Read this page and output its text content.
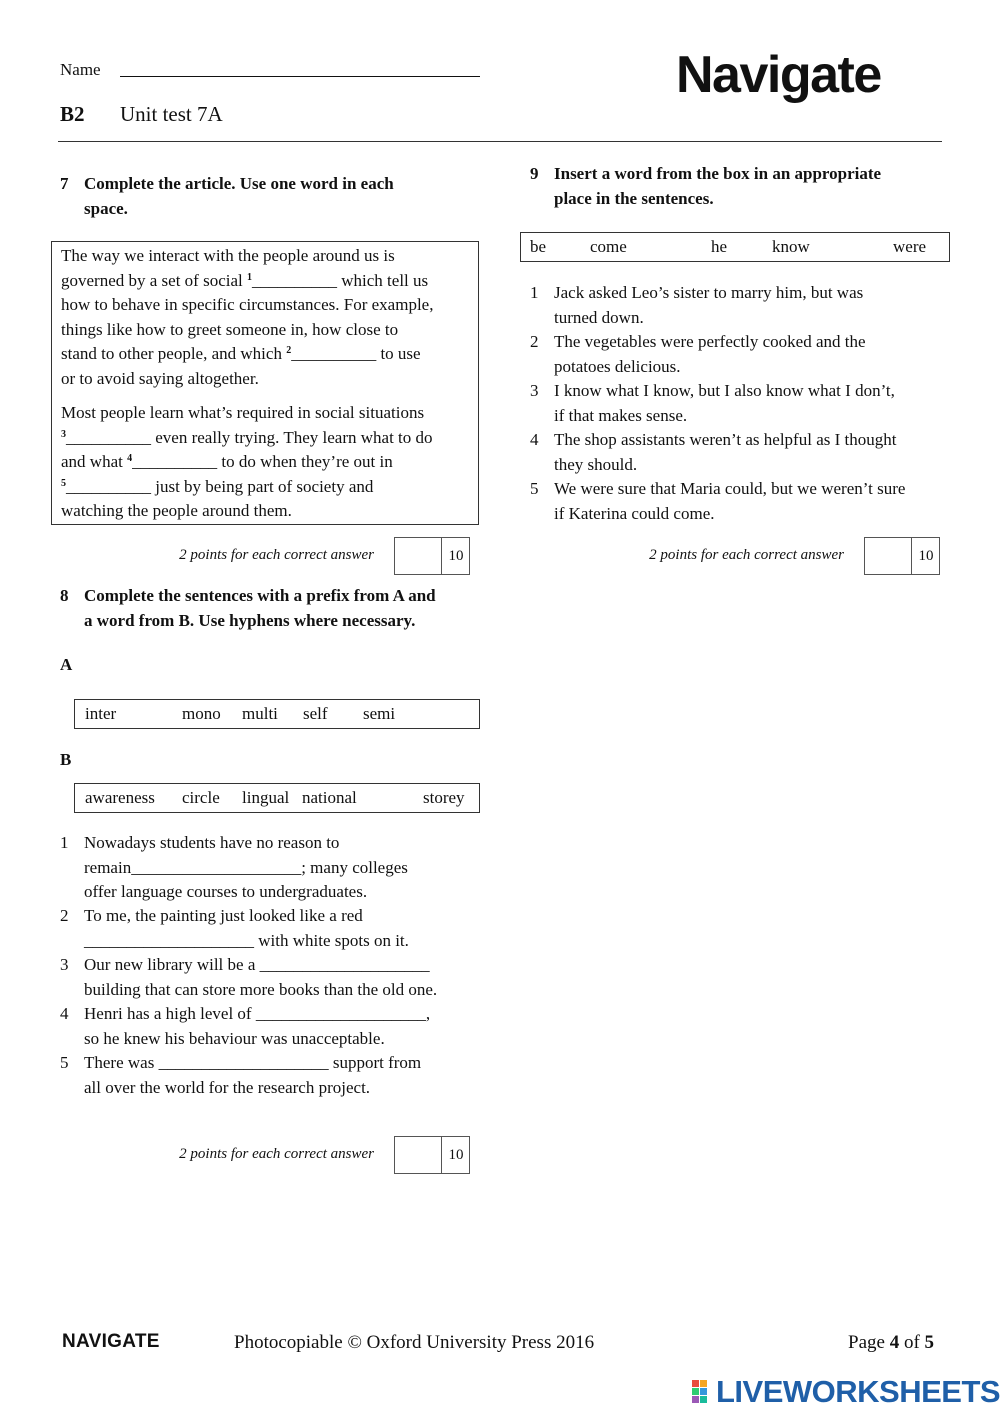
Name	Navigate
B2 Unit test 7A
7 Complete the article. Use one word in each
space.

The way we interact with the people around us is

governed by a set of social $^1$__________ which tell us

how to behave in specific circumstances. For example,

things like how to greet someone in, how close to

stand to other people, and which $^2$__________ to use

or to avoid saying altogether.

Most people learn what’s required in social situations

$^3$__________ even really trying. They learn what to do

and what $^4$__________ to do when they’re out in

$^5$__________ just by being part of society and

watching the people around them.

2 points for each correct answer	10
8 Complete the sentences with a prefix from A and
a word from B. Use hyphens where necessary.
A
inter	mono multi self semi
B
awareness circle lingual national	storey
1 Nowadays students have no reason to
remain____________________; many colleges
offer language courses to undergraduates.
2 To me, the painting just looked like a red
____________________ with white spots on it.
3 Our new library will be a ____________________
building that can store more books than the old one.
4 Henri has a high level of ____________________,
so he knew his behaviour was unacceptable.
5 There was ____________________ support from
all over the world for the research project.
2 points for each correct answer	10
9 Insert a word from the box in an appropriate
place in the sentences.
be	come	he	know	were
1 Jack asked Leo’s sister to marry him, but was
turned down.
2 The vegetables were perfectly cooked and the
potatoes delicious.
3 I know what I know, but I also know what I don’t,
if that makes sense.
4 The shop assistants weren’t as helpful as I thought
they should.
5 We were sure that Maria could, but we weren’t sure
if Katerina could come.
2 points for each correct answer	10
NAVIGATE	Photocopiable © Oxford University Press 2016	Page 4 of 5
LIVEWORKSHEETS
